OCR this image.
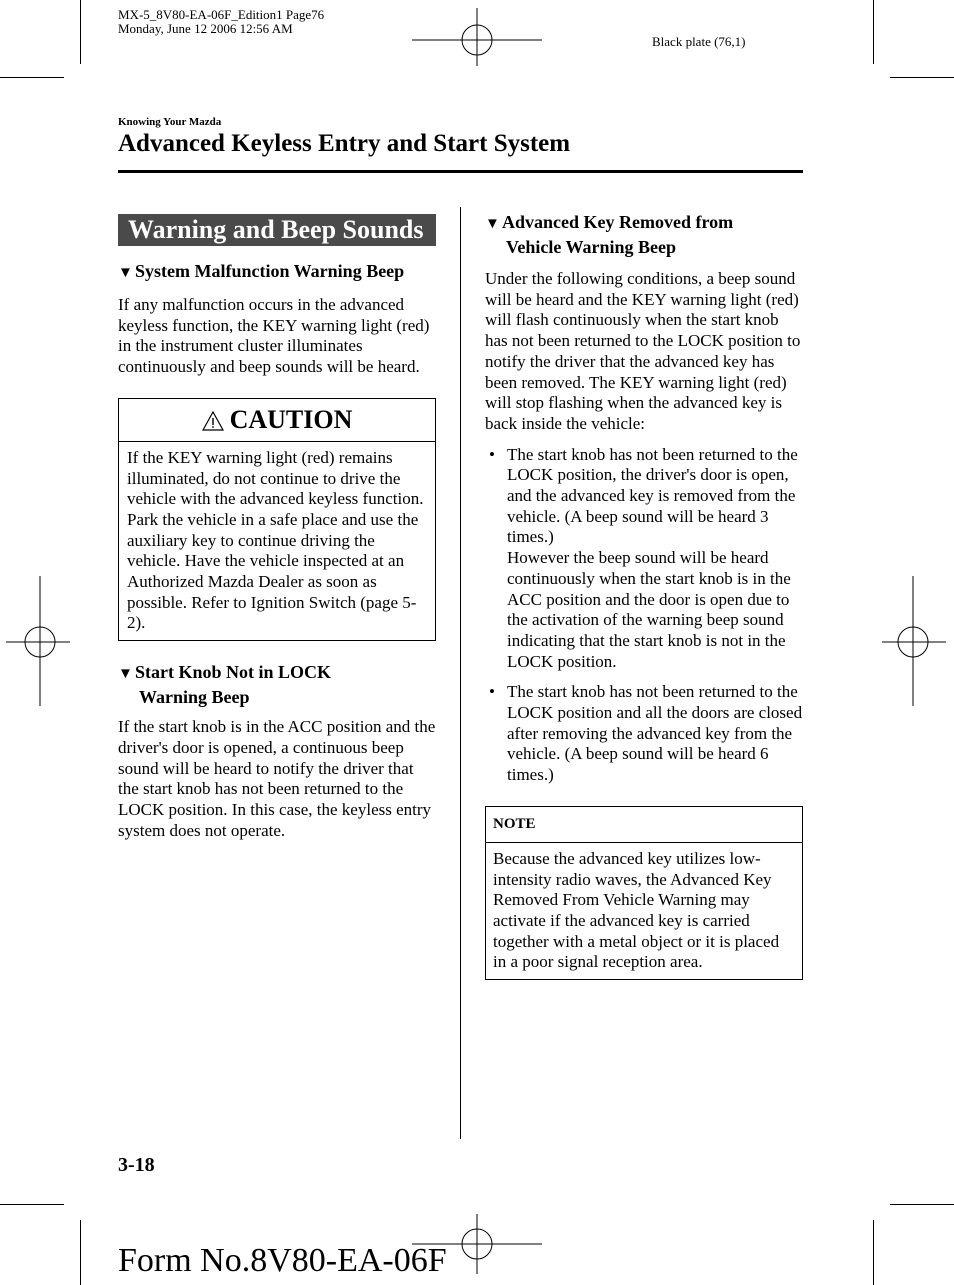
MX-5_8V80-EA-06F_Edition1 Page76
Monday, June 12 2006 12:56 AM
Black plate (76,1)
Knowing Your Mazda
Advanced Keyless Entry and Start System
Warning and Beep Sounds
▼ System Malfunction Warning Beep
If any malfunction occurs in the advanced keyless function, the KEY warning light (red) in the instrument cluster illuminates continuously and beep sounds will be heard.
CAUTION
If the KEY warning light (red) remains illuminated, do not continue to drive the vehicle with the advanced keyless function. Park the vehicle in a safe place and use the auxiliary key to continue driving the vehicle. Have the vehicle inspected at an Authorized Mazda Dealer as soon as possible. Refer to Ignition Switch (page 5-2).
▼ Start Knob Not in LOCK
Warning Beep
If the start knob is in the ACC position and the driver's door is opened, a continuous beep sound will be heard to notify the driver that the start knob has not been returned to the LOCK position. In this case, the keyless entry system does not operate.
▼ Advanced Key Removed from
Vehicle Warning Beep
Under the following conditions, a beep sound will be heard and the KEY warning light (red) will flash continuously when the start knob has not been returned to the LOCK position to notify the driver that the advanced key has been removed. The KEY warning light (red) will stop flashing when the advanced key is back inside the vehicle:
• The start knob has not been returned to the LOCK position, the driver's door is open, and the advanced key is removed from the vehicle. (A beep sound will be heard 3 times.)
However the beep sound will be heard continuously when the start knob is in the ACC position and the door is open due to the activation of the warning beep sound indicating that the start knob is not in the LOCK position.
• The start knob has not been returned to the LOCK position and all the doors are closed after removing the advanced key from the vehicle. (A beep sound will be heard 6 times.)
NOTE
Because the advanced key utilizes low-intensity radio waves, the Advanced Key Removed From Vehicle Warning may activate if the advanced key is carried together with a metal object or it is placed in a poor signal reception area.
3-18
Form No.8V80-EA-06F
